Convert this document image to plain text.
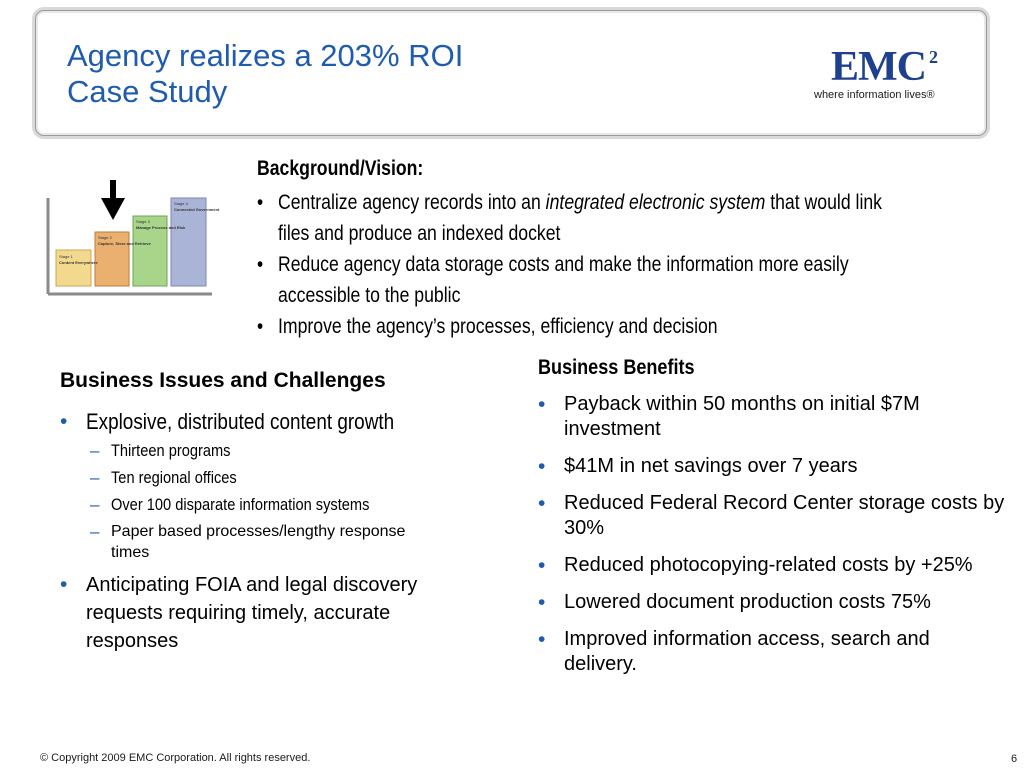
Agency realizes a 203% ROI
Case Study
EMC 2
where information lives®
Stage 1
Content Everywhere
Stage 2
Capture, Store and Retrieve
Stage 3
Manage Process and Risk
Stage 4
Connected Government
Background/Vision:
• Centralize agency records into an integrated electronic system that would link files and produce an indexed docket
• Reduce agency data storage costs and make the information more easily accessible to the public
• Improve the agency’s processes, efficiency and decision
Business Issues and Challenges
• Explosive, distributed content growth
– Thirteen programs
– Ten regional offices
– Over 100 disparate information systems
– Paper based processes/lengthy response times
• Anticipating FOIA and legal discovery requests requiring timely, accurate responses
Business Benefits
• Payback within 50 months on initial $7M investment
• $41M in net savings over 7 years
• Reduced Federal Record Center storage costs by 30%
• Reduced photocopying-related costs by +25%
• Lowered document production costs 75%
• Improved information access, search and delivery.
© Copyright 2009 EMC Corporation. All rights reserved.	6
